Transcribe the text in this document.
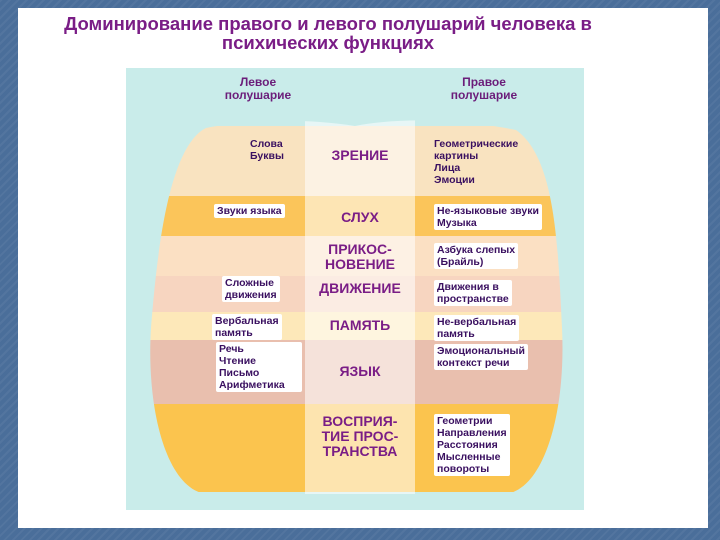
Доминирование правого и левого полушарий человека в
психических функциях
Левое
полушарие
Правое
полушарие
ЗРЕНИЕ
СЛУХ
ПРИКОС-
НОВЕНИЕ
ДВИЖЕНИЕ
ПАМЯТЬ
ЯЗЫК
ВОСПРИЯ-
ТИЕ ПРОС-
ТРАНСТВА
Слова
Буквы
Звуки языка
Сложные
движения
Вербальная
память
Речь
Чтение
Письмо
Арифметика
Геометрические
картины
Лица
Эмоции
Не-языковые звуки
Музыка
Азбука слепых
(Брайль)
Движения в
пространстве
Не-вербальная
память
Эмоциональный
контекст речи
Геометрии
Направления
Расстояния
Мысленные
повороты
